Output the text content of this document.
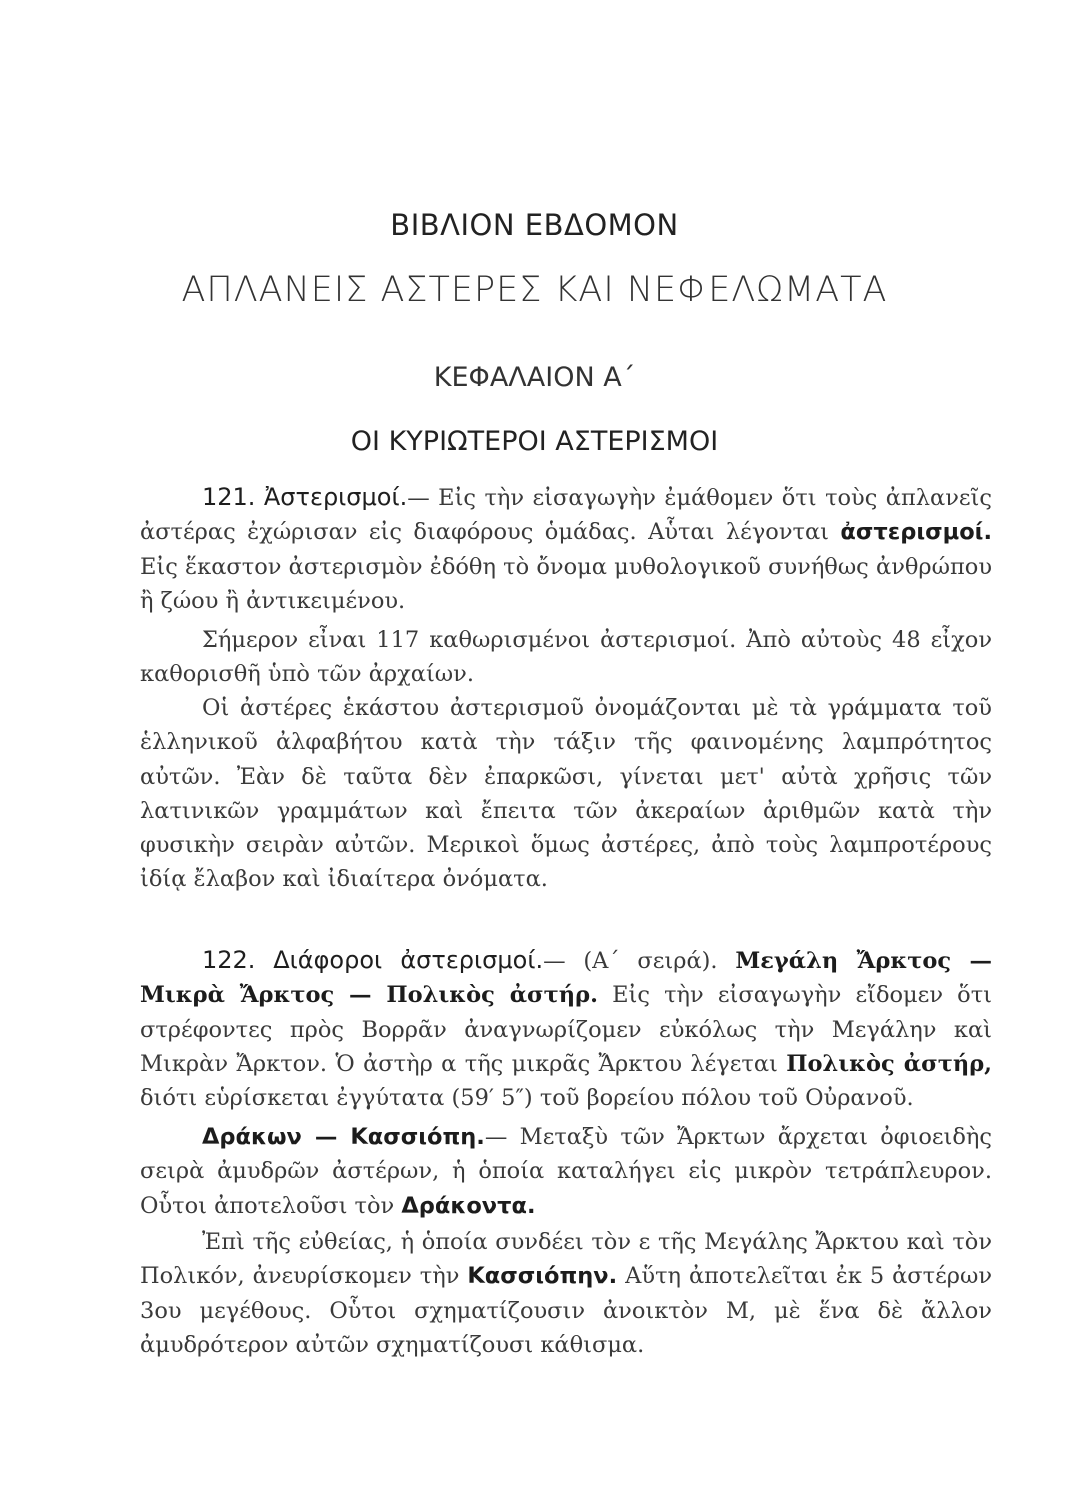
ΒΙΒΛΙΟΝ ΕΒΔΟΜΟΝ
ΑΠΛΑΝΕΙΣ ΑΣΤΕΡΕΣ ΚΑΙ ΝΕΦΕΛΩΜΑΤΑ
ΚΕΦΑΛΑΙΟΝ Α΄
ΟΙ ΚΥΡΙΩΤΕΡΟΙ ΑΣΤΕΡΙΣΜΟΙ

121. Ἀστερισμοί.— Εἰς τὴν εἰσαγωγὴν ἐμάθομεν ὅτι τοὺς ἀπλανεῖς ἀστέρας ἐχώρισαν εἰς διαφόρους ὁμάδας. Αὗται λέγονται ἀστερισμοί. Εἰς ἕκαστον ἀστερισμὸν ἐδόθη τὸ ὄνομα μυθολογικοῦ συνήθως ἀνθρώπου ἢ ζώου ἢ ἀντικειμένου.

Σήμερον εἶναι 117 καθωρισμένοι ἀστερισμοί. Ἀπὸ αὐτοὺς 48 εἶχον καθορισθῆ ὑπὸ τῶν ἀρχαίων.

Οἱ ἀστέρες ἑκάστου ἀστερισμοῦ ὀνομάζονται μὲ τὰ γράμματα τοῦ ἑλληνικοῦ ἀλφαβήτου κατὰ τὴν τάξιν τῆς φαινομένης λαμπρότητος αὐτῶν. Ἐὰν δὲ ταῦτα δὲν ἐπαρκῶσι, γίνεται μετ' αὐτὰ χρῆσις τῶν λατινικῶν γραμμάτων καὶ ἔπειτα τῶν ἀκεραίων ἀριθμῶν κατὰ τὴν φυσικὴν σειρὰν αὐτῶν. Μερικοὶ ὅμως ἀστέρες, ἀπὸ τοὺς λαμπροτέρους ἰδίᾳ ἔλαβον καὶ ἰδιαίτερα ὀνόματα.

122. Διάφοροι ἀστερισμοί.— (Α΄ σειρά). Μεγάλη Ἄρκτος — Μικρὰ Ἄρκτος — Πολικὸς ἀστήρ. Εἰς τὴν εἰσαγωγὴν εἴδομεν ὅτι στρέφοντες πρὸς Βορρᾶν ἀναγνωρίζομεν εὐκόλως τὴν Μεγάλην καὶ Μικρὰν Ἄρκτον. Ὁ ἀστὴρ α τῆς μικρᾶς Ἄρκτου λέγεται Πολικὸς ἀστήρ, διότι εὑρίσκεται ἐγγύτατα (59′ 5″) τοῦ βορείου πόλου τοῦ Οὐρανοῦ.

Δράκων — Κασσιόπη.— Μεταξὺ τῶν Ἄρκτων ἄρχεται ὀφιοειδὴς σειρὰ ἀμυδρῶν ἀστέρων, ἡ ὁποία καταλήγει εἰς μικρὸν τετράπλευρον. Οὗτοι ἀποτελοῦσι τὸν Δράκοντα.

Ἐπὶ τῆς εὐθείας, ἡ ὁποία συνδέει τὸν ε τῆς Μεγάλης Ἄρκτου καὶ τὸν Πολικόν, ἀνευρίσκομεν τὴν Κασσιόπην. Αὕτη ἀποτελεῖται ἐκ 5 ἀστέρων 3ου μεγέθους. Οὗτοι σχηματίζουσιν ἀνοικτὸν Μ, μὲ ἕνα δὲ ἄλλον ἀμυδρότερον αὐτῶν σχηματίζουσι κάθισμα.
